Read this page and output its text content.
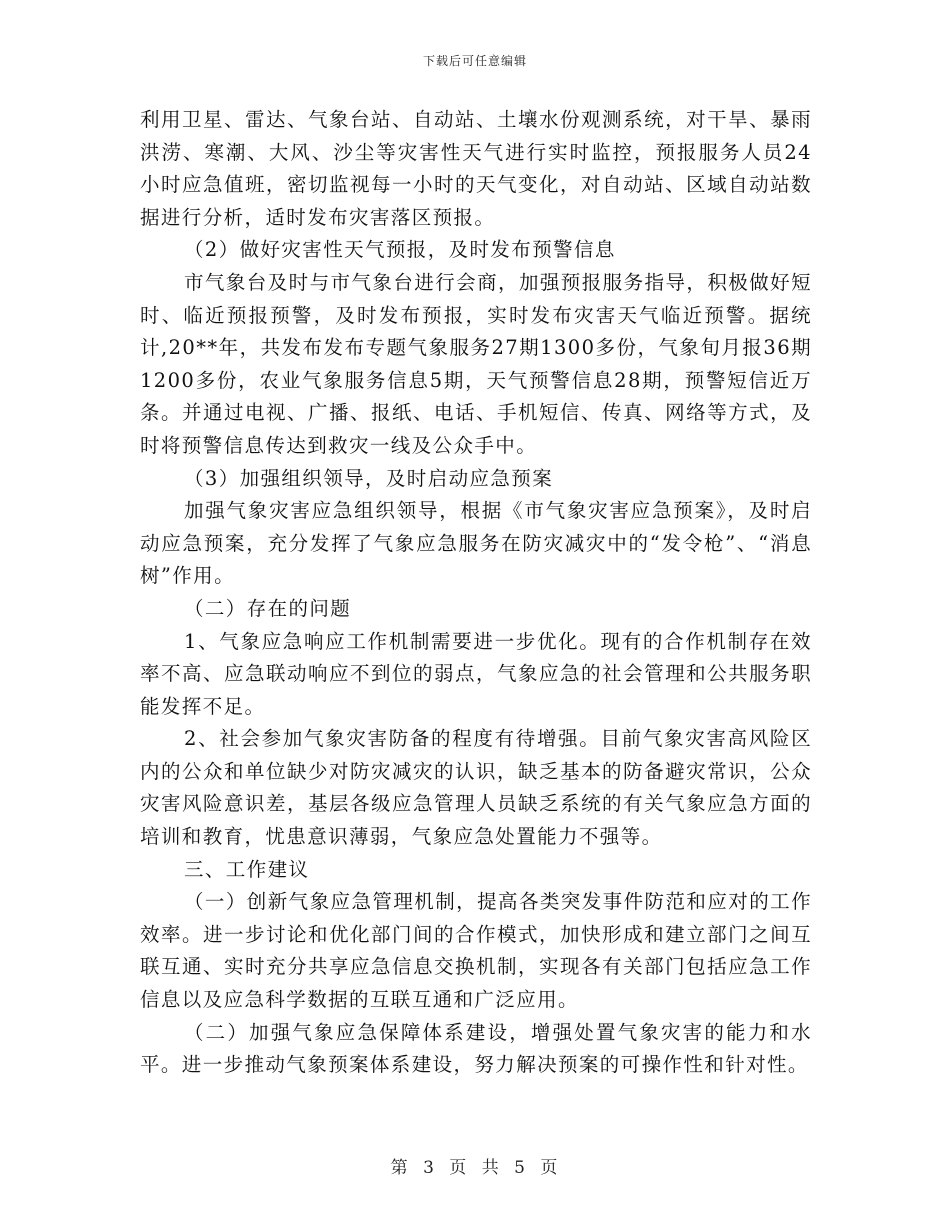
下载后可任意编辑

利用卫星、雷达、气象台站、自动站、土壤水份观测系统，对干旱、暴雨洪涝、寒潮、大风、沙尘等灾害性天气进行实时监控，预报服务人员24小时应急值班，密切监视每一小时的天气变化，对自动站、区域自动站数据进行分析，适时发布灾害落区预报。

（2）做好灾害性天气预报，及时发布预警信息

市气象台及时与市气象台进行会商，加强预报服务指导，积极做好短时、临近预报预警，及时发布预报，实时发布灾害天气临近预警。据统计,20**年，共发布发布专题气象服务27期1300多份，气象旬月报36期1200多份，农业气象服务信息5期，天气预警信息28期，预警短信近万条。并通过电视、广播、报纸、电话、手机短信、传真、网络等方式，及时将预警信息传达到救灾一线及公众手中。

（3）加强组织领导，及时启动应急预案

加强气象灾害应急组织领导，根据《市气象灾害应急预案》，及时启动应急预案，充分发挥了气象应急服务在防灾减灾中的“发令枪”、“消息树”作用。

（二）存在的问题

1、气象应急响应工作机制需要进一步优化。现有的合作机制存在效率不高、应急联动响应不到位的弱点，气象应急的社会管理和公共服务职能发挥不足。

2、社会参加气象灾害防备的程度有待增强。目前气象灾害高风险区内的公众和单位缺少对防灾减灾的认识，缺乏基本的防备避灾常识，公众灾害风险意识差，基层各级应急管理人员缺乏系统的有关气象应急方面的培训和教育，忧患意识薄弱，气象应急处置能力不强等。

三、工作建议

（一）创新气象应急管理机制，提高各类突发事件防范和应对的工作效率。进一步讨论和优化部门间的合作模式，加快形成和建立部门之间互联互通、实时充分共享应急信息交换机制，实现各有关部门包括应急工作信息以及应急科学数据的互联互通和广泛应用。

（二）加强气象应急保障体系建设，增强处置气象灾害的能力和水平。进一步推动气象预案体系建设，努力解决预案的可操作性和针对性。

第 3 页 共 5 页
